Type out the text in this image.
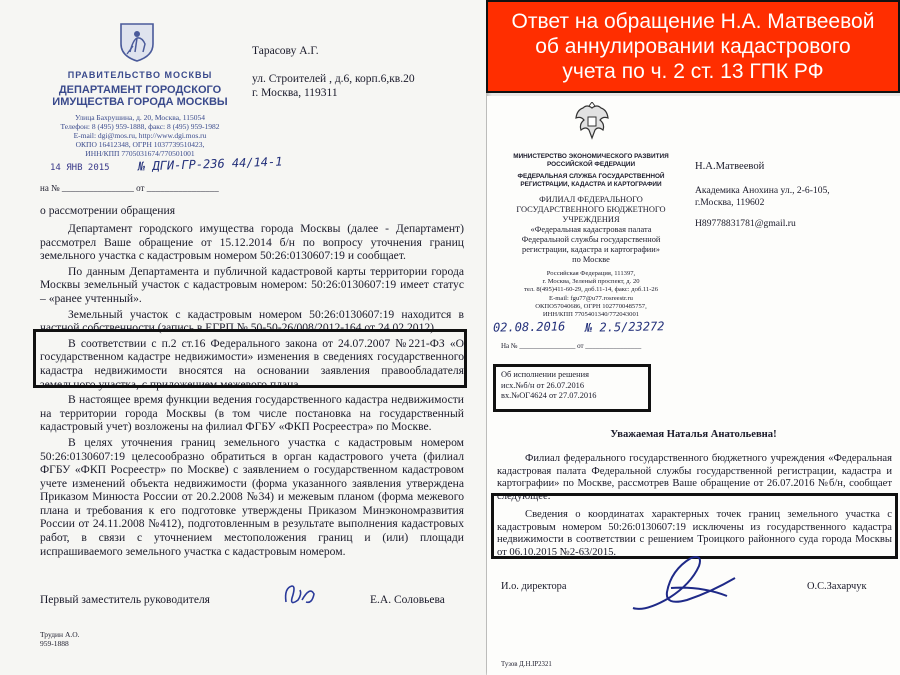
ПРАВИТЕЛЬСТВО МОСКВЫ
ДЕПАРТАМЕНТ ГОРОДСКОГО
ИМУЩЕСТВА ГОРОДА МОСКВЫ
Улица Бахрушина, д. 20, Москва, 115054
Телефон: 8 (495) 959-1888, факс: 8 (495) 959-1982
E-mail: dgi@mos.ru, http://www.dgi.mos.ru
ОКПО 16412348, ОГРН 1037739510423,
ИНН/КПП 7705031674/770501001
14 ЯНВ 2015 № ДГИ-ГР-236 44/14-1
на № ________________ от ________________
Тарасову А.Г.
ул. Строителей , д.6, корп.6,кв.20
г. Москва, 119311
о рассмотрении обращения

Департамент городского имущества города Москвы (далее - Департамент) рассмотрел Ваше обращение от 15.12.2014 б/н по вопросу уточнения границ земельного участка с кадастровым номером 50:26:0130607:19 и сообщает.

По данным Департамента и публичной кадастровой карты территории города Москвы земельный участок с кадастровым номером: 50:26:0130607:19 имеет статус – «ранее учтенный».

Земельный участок с кадастровым номером 50:26:0130607:19 находится в частной собственности (запись в ЕГРП № 50-50-26/008/2012-164 от 24.02.2012).

В соответствии с п.2 ст.16 Федерального закона от 24.07.2007 №221-ФЗ «О государственном кадастре недвижимости» изменения в сведениях государственного кадастра недвижимости вносятся на основании заявления правообладателя земельного участка, с приложением межевого плана.

В настоящее время функции ведения государственного кадастра недвижимости на территории города Москвы (в том числе постановка на государственный кадастровый учет) возложены на филиал ФГБУ «ФКП Росреестра» по Москве.

В целях уточнения границ земельного участка с кадастровым номером 50:26:0130607:19 целесообразно обратиться в орган кадастрового учета (филиал ФГБУ «ФКП Росреестр» по Москве) с заявлением о государственном кадастровом учете изменений объекта недвижимости (форма указанного заявления утверждена Приказом Минюста России от 20.2.2008 №34) и межевым планом (форма межевого плана и требования к его подготовке утверждены Приказом Минэкономразвития России от 24.11.2008 №412), подготовленным в результате выполнения кадастровых работ, в связи с уточнением местоположения границ и (или) площади испрашиваемого земельного участка с кадастровым номером.

Первый заместитель руководителя	Е.А. Соловьева
Трудин А.О.
959-1888
Ответ на обращение Н.А. Матвеевой
об аннулировании кадастрового
учета по ч. 2 ст. 13 ГПК РФ
МИНИСТЕРСТВО ЭКОНОМИЧЕСКОГО РАЗВИТИЯ
РОССИЙСКОЙ ФЕДЕРАЦИИ
ФЕДЕРАЛЬНАЯ СЛУЖБА ГОСУДАРСТВЕННОЙ
РЕГИСТРАЦИИ, КАДАСТРА И КАРТОГРАФИИ
ФИЛИАЛ ФЕДЕРАЛЬНОГО
ГОСУДАРСТВЕННОГО БЮДЖЕТНОГО
УЧРЕЖДЕНИЯ
«Федеральная кадастровая палата
Федеральной службы государственной
регистрации, кадастра и картографии»
по Москве
Российская Федерация, 111397,
г. Москва, Зеленый проспект, д. 20
тел. 8(495)411-60-29, доб.11-14, факс: доб.11-26
E-mail: fgu77@u77.rosreestr.ru
ОКПО57040686, ОГРН 1027700485757,
ИНН/КПП 7705401340/772043001
02.08.2016 № 2.5/23272
На № ________________ от ________________
Об исполнении решения
исх.№б/н от 26.07.2016
вх.№ОГ4624 от 27.07.2016
Н.А.Матвеевой
Академика Анохина ул., 2-6-105,
г.Москва, 119602
H89778831781@gmail.ru
Уважаемая Наталья Анатольевна!

Филиал федерального государственного бюджетного учреждения «Федеральная кадастровая палата Федеральной службы государственной регистрации, кадастра и картографии» по Москве, рассмотрев Ваше обращение от 26.07.2016 №б/н, сообщает следующее.

Сведения о координатах характерных точек границ земельного участка с кадастровым номером 50:26:0130607:19 исключены из государственного кадастра недвижимости в соответствии с решением Троицкого районного суда города Москвы от 06.10.2015 №2-63/2015.

И.о. директора	О.С.Захарчук
Тузов Д.Н.IP2321
